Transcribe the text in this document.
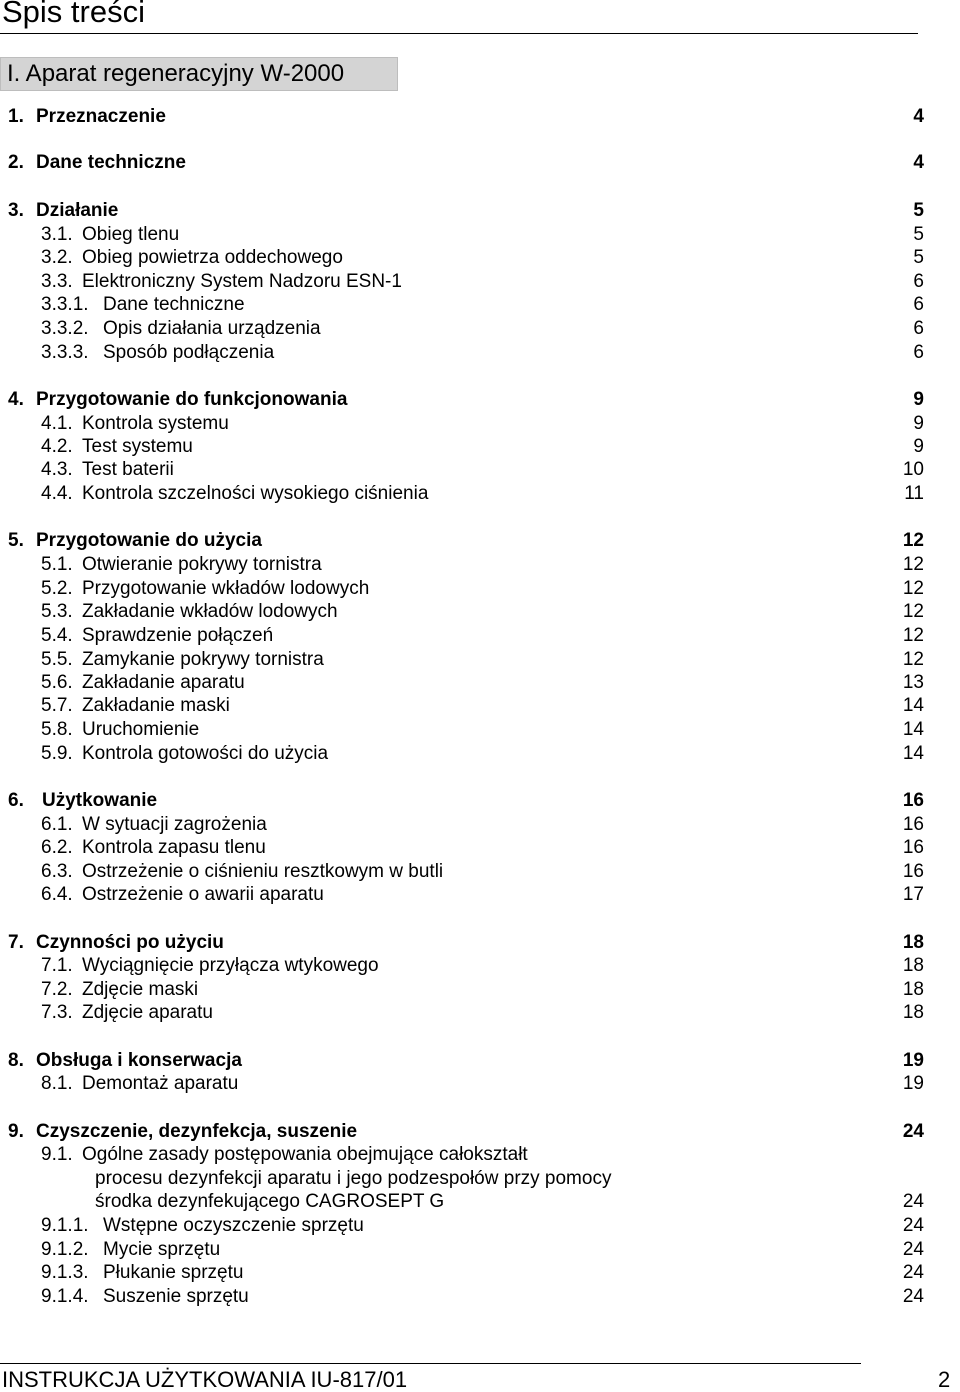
Spis treści
I. Aparat regeneracyjny W-2000
1. Przeznaczenie	4
2. Dane techniczne	4
3. Działanie	5
3.1. Obieg tlenu	5
3.2. Obieg powietrza oddechowego	5
3.3. Elektroniczny System Nadzoru ESN-1	6
3.3.1. Dane techniczne	6
3.3.2. Opis działania urządzenia	6
3.3.3. Sposób podłączenia	6
4. Przygotowanie do funkcjonowania	9
4.1. Kontrola systemu	9
4.2. Test systemu	9
4.3. Test baterii	10
4.4. Kontrola szczelności wysokiego ciśnienia	11
5. Przygotowanie do użycia	12
5.1. Otwieranie pokrywy tornistra	12
5.2. Przygotowanie wkładów lodowych	12
5.3. Zakładanie wkładów lodowych	12
5.4. Sprawdzenie połączeń	12
5.5. Zamykanie pokrywy tornistra	12
5.6. Zakładanie aparatu	13
5.7. Zakładanie maski	14
5.8. Uruchomienie	14
5.9. Kontrola gotowości do użycia	14
6. Użytkowanie	16
6.1. W sytuacji zagrożenia	16
6.2. Kontrola zapasu tlenu	16
6.3. Ostrzeżenie o ciśnieniu resztkowym w butli	16
6.4. Ostrzeżenie o awarii aparatu	17
7. Czynności po użyciu	18
7.1. Wyciągnięcie przyłącza wtykowego	18
7.2. Zdjęcie maski	18
7.3. Zdjęcie aparatu	18
8. Obsługa i konserwacja	19
8.1. Demontaż aparatu	19
9. Czyszczenie, dezynfekcja, suszenie	24
9.1. Ogólne zasady postępowania obejmujące całokształt
procesu dezynfekcji aparatu i jego podzespołów przy pomocy
środka dezynfekującego CAGROSEPT G	24
9.1.1. Wstępne oczyszczenie sprzętu	24
9.1.2. Mycie sprzętu	24
9.1.3. Płukanie sprzętu	24
9.1.4. Suszenie sprzętu	24
INSTRUKCJA UŻYTKOWANIA IU-817/01	2
